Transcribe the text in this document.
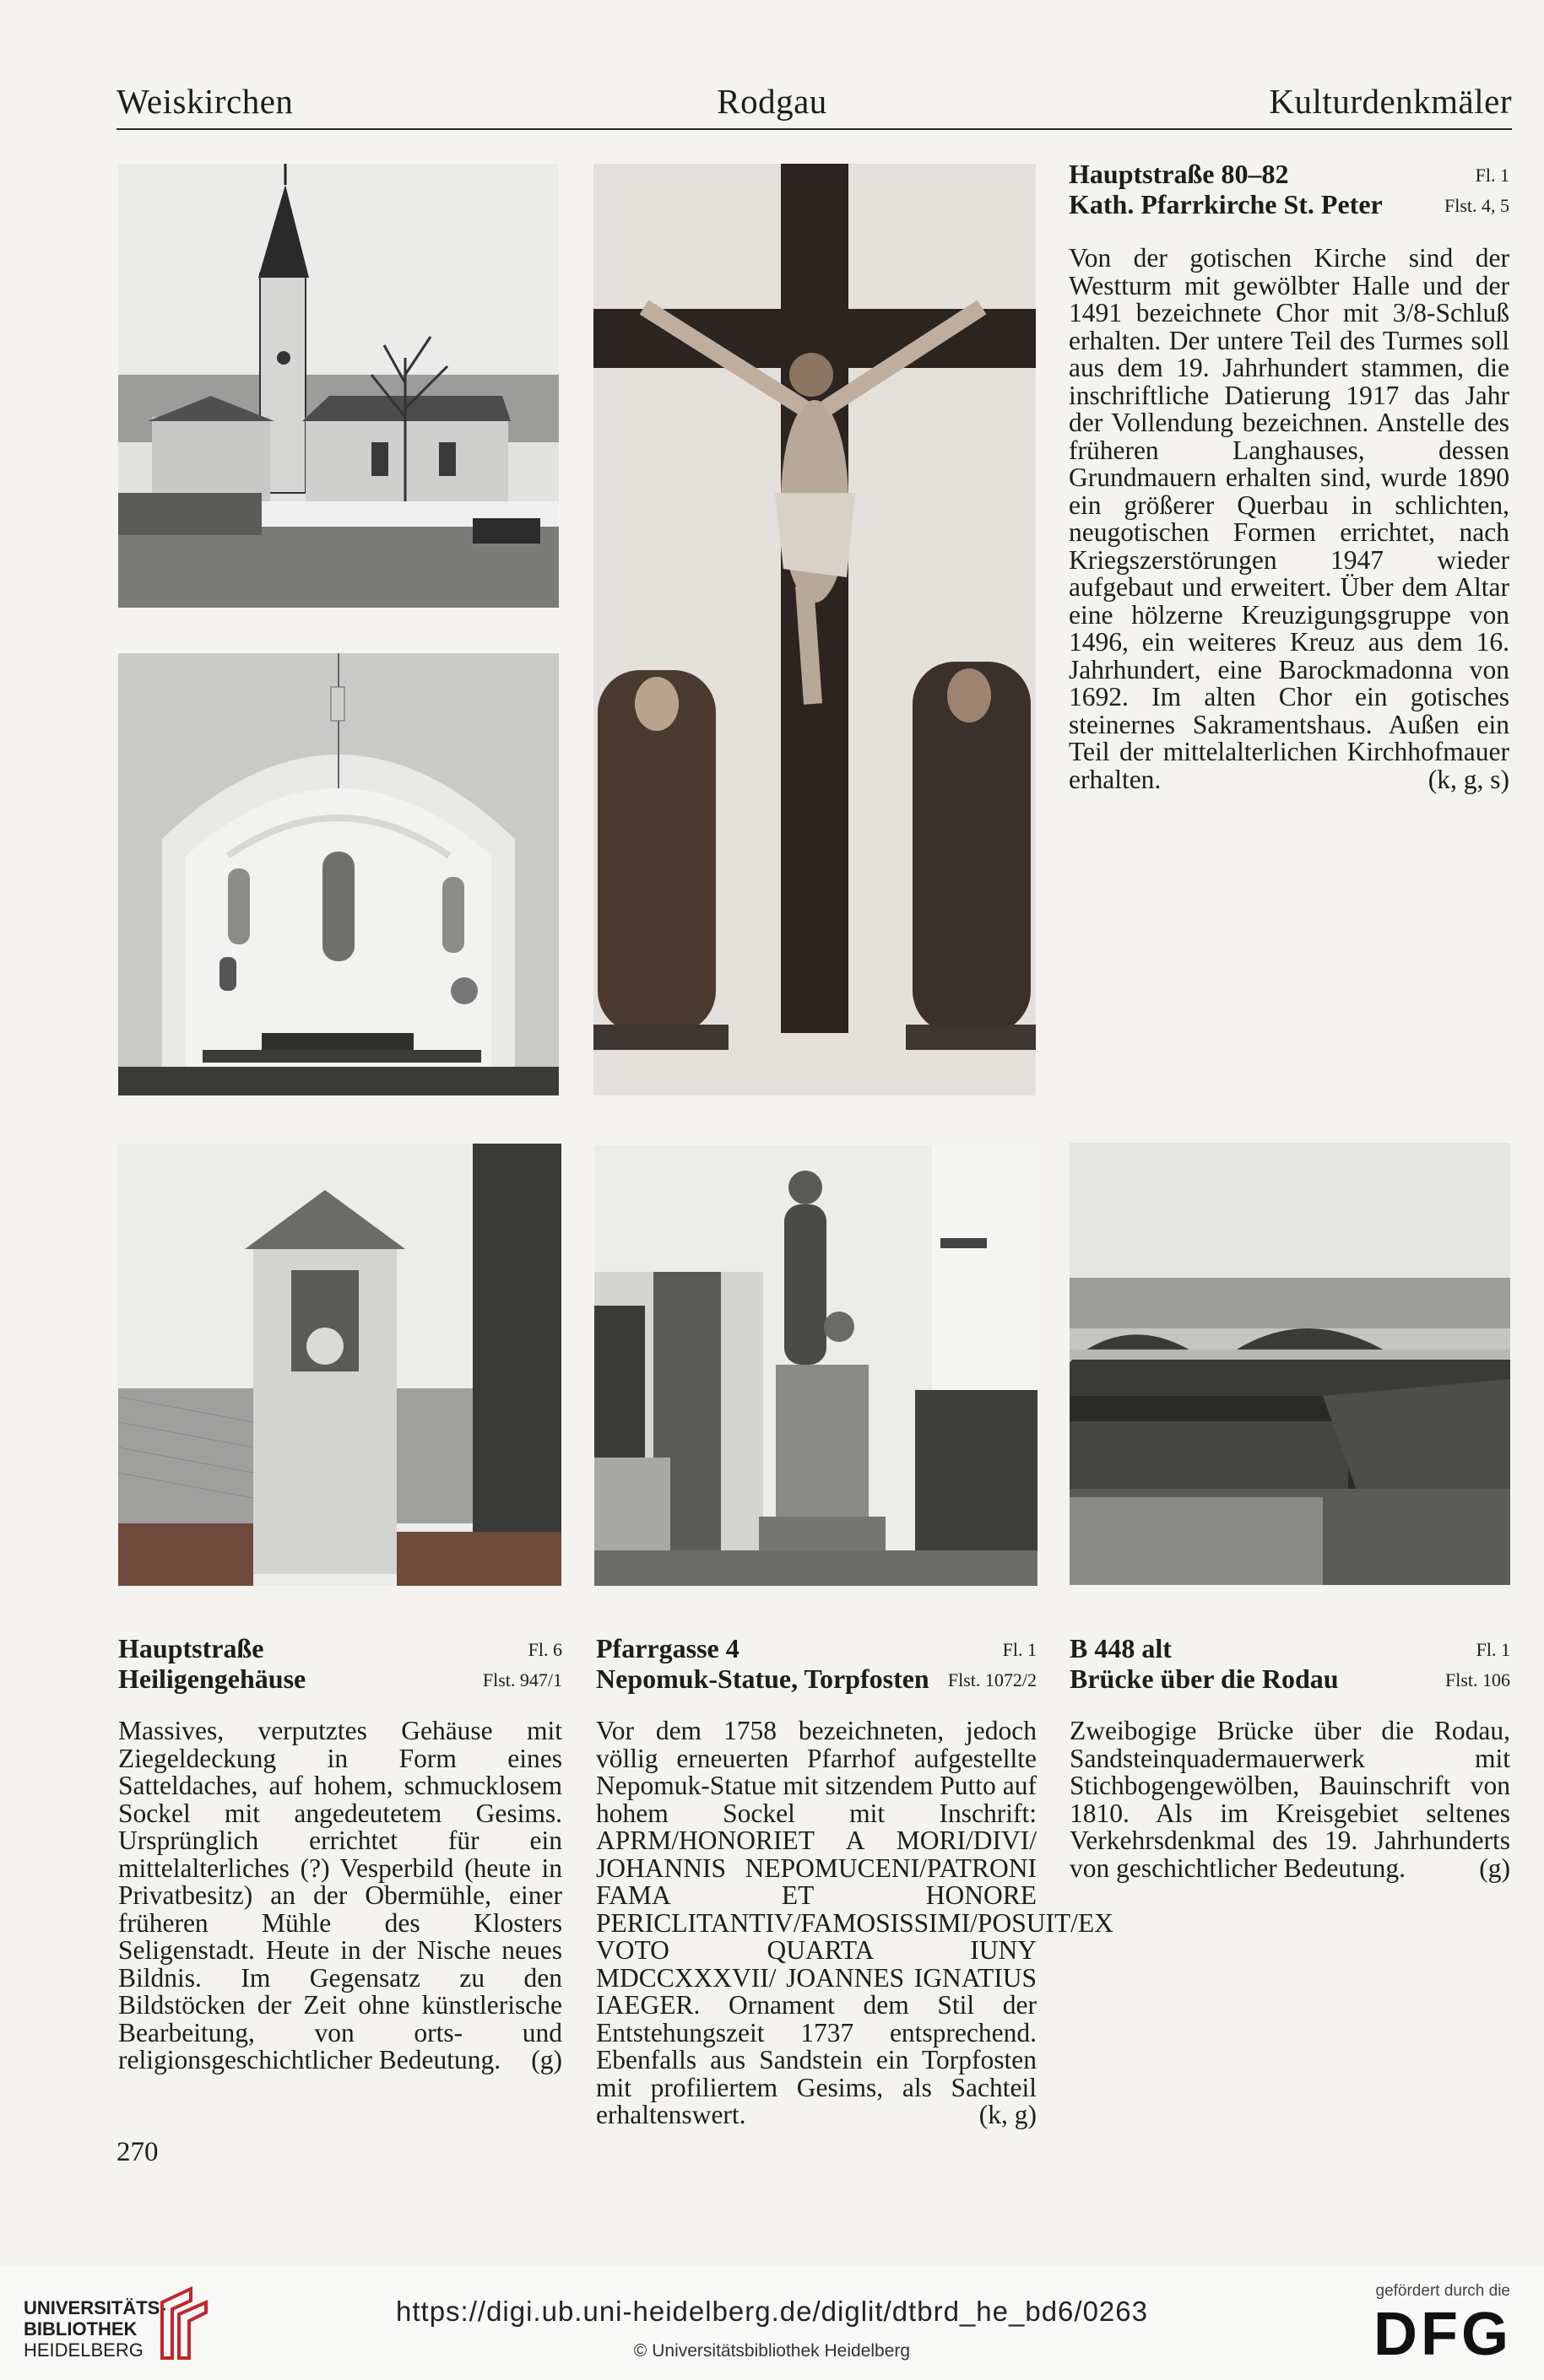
Weiskirchen	Rodgau	Kulturdenkmäler
Fl. 1
Flst. 4, 5
Hauptstraße 80–82
Kath. Pfarrkirche St. Peter
Von der gotischen Kirche sind der Westturm mit gewölbter Halle und der 1491 bezeichnete Chor mit 3/8-Schluß erhalten. Der untere Teil des Turmes soll aus dem 19. Jahrhundert stammen, die inschriftliche Datierung 1917 das Jahr der Vollendung bezeichnen. Anstelle des früheren Langhauses, dessen Grundmauern erhalten sind, wurde 1890 ein größerer Querbau in schlichten, neugotischen Formen errichtet, nach Kriegszerstörungen 1947 wieder aufgebaut und erweitert. Über dem Altar eine hölzerne Kreuzigungsgruppe von 1496, ein weiteres Kreuz aus dem 16. Jahrhundert, eine Barockmadonna von 1692. Im alten Chor ein gotisches steinernes Sakramentshaus. Außen ein Teil der mittelalterlichen Kirchhofmauer erhalten.	(k, g, s)
Fl. 6
Flst. 947/1
Hauptstraße
Heiligengehäuse
Massives, verputztes Gehäuse mit Ziegeldeckung in Form eines Satteldaches, auf hohem, schmucklosem Sockel mit angedeutetem Gesims. Ursprünglich errichtet für ein mittelalterliches (?) Vesperbild (heute in Privatbesitz) an der Obermühle, einer früheren Mühle des Klosters Seligenstadt. Heute in der Nische neues Bildnis. Im Gegensatz zu den Bildstöcken der Zeit ohne künstlerische Bearbeitung, von orts- und religionsgeschichtlicher Bedeutung. (g)
Fl. 1
Flst. 1072/2
Pfarrgasse 4
Nepomuk-Statue, Torpfosten
Vor dem 1758 bezeichneten, jedoch völlig erneuerten Pfarrhof aufgestellte Nepomuk-Statue mit sitzendem Putto auf hohem Sockel mit Inschrift: APRM/HONORIET A MORI/DIVI/ JOHANNIS NEPOMUCENI/PATRONI FAMA ET HONORE PERICLITANTIV/FAMOSISSIMI/POSUIT/EX VOTO QUARTA IUNY MDCCXXXVII/ JOANNES IGNATIUS IAEGER. Ornament dem Stil der Entstehungszeit 1737 entsprechend. Ebenfalls aus Sandstein ein Torpfosten mit profiliertem Gesims, als Sachteil erhaltenswert.	(k, g)
Fl. 1
Flst. 106
B 448 alt
Brücke über die Rodau
Zweibogige Brücke über die Rodau, Sandsteinquadermauerwerk mit Stichbogengewölben, Bauinschrift von 1810. Als im Kreisgebiet seltenes Verkehrsdenkmal des 19. Jahrhunderts von geschichtlicher Bedeutung.	(g)
270
UNIVERSITÄTS-
BIBLIOTHEK
HEIDELBERG
https://digi.ub.uni-heidelberg.de/diglit/dtbrd_he_bd6/0263
© Universitätsbibliothek Heidelberg
gefördert durch die
DFG
